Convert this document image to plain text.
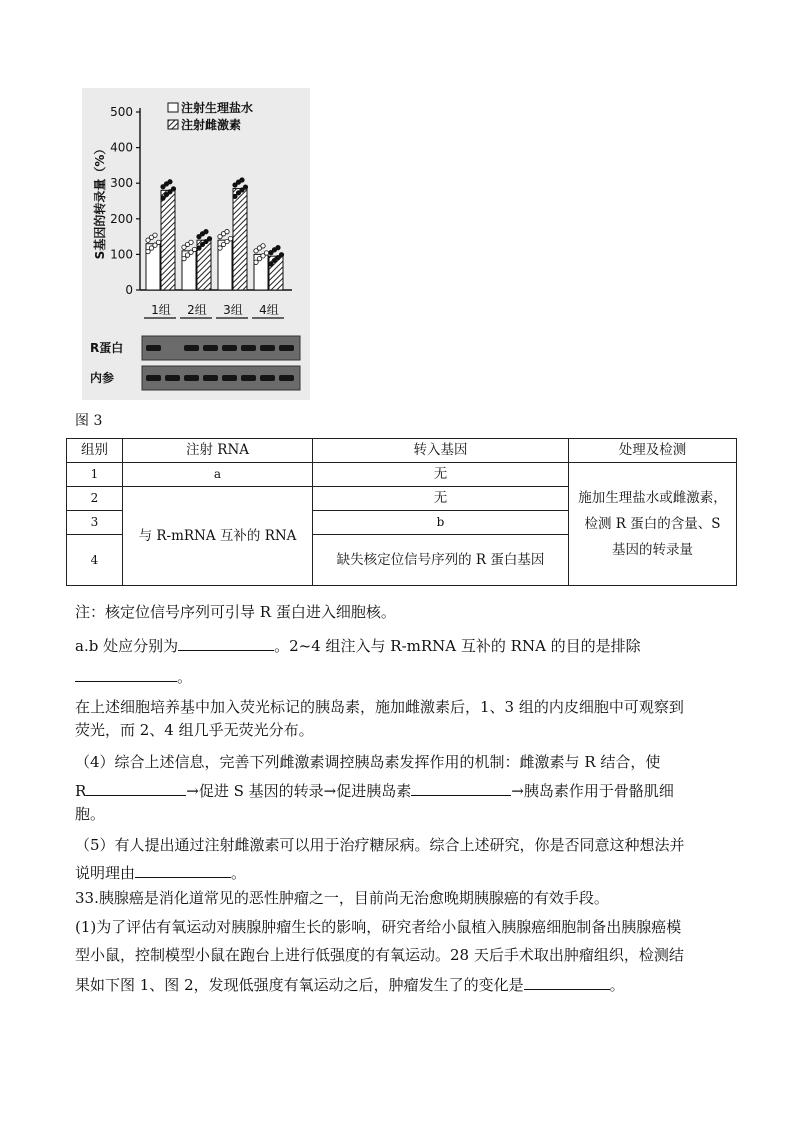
0
100
200
300
400
500
S基因的转录量（%）
1组 2组 3组 4组
注射生理盐水
注射雌激素
R蛋白
内参
图 3
组别	注射 RNA	转入基因	处理及检测
1	a	无	施加生理盐水或雌激素，检测 R 蛋白的含量、S 基因的转录量
2	与 R-mRNA 互补的 RNA	无	
3		b	
4		缺失核定位信号序列的 R 蛋白基因	
注：核定位信号序列可引导 R 蛋白进入细胞核。
a.b 处应分别为	。2~4 组注入与 R-mRNA 互补的 RNA 的目的是排除
。
在上述细胞培养基中加入荧光标记的胰岛素，施加雌激素后，1、3 组的内皮细胞中可观察到
荧光，而 2、4 组几乎无荧光分布。
（4）综合上述信息，完善下列雌激素调控胰岛素发挥作用的机制：雌激素与 R 结合，使
R	→促进 S 基因的转录→促进胰岛素	→胰岛素作用于骨骼肌细
胞。
（5）有人提出通过注射雌激素可以用于治疗糖尿病。综合上述研究，你是否同意这种想法并
说明理由	。
33.胰腺癌是消化道常见的恶性肿瘤之一，目前尚无治愈晚期胰腺癌的有效手段。
(1)为了评估有氧运动对胰腺肿瘤生长的影响，研究者给小鼠植入胰腺癌细胞制备出胰腺癌模
型小鼠，控制模型小鼠在跑台上进行低强度的有氧运动。28 天后手术取出肿瘤组织，检测结
果如下图 1、图 2，发现低强度有氧运动之后，肿瘤发生了的变化是	。
